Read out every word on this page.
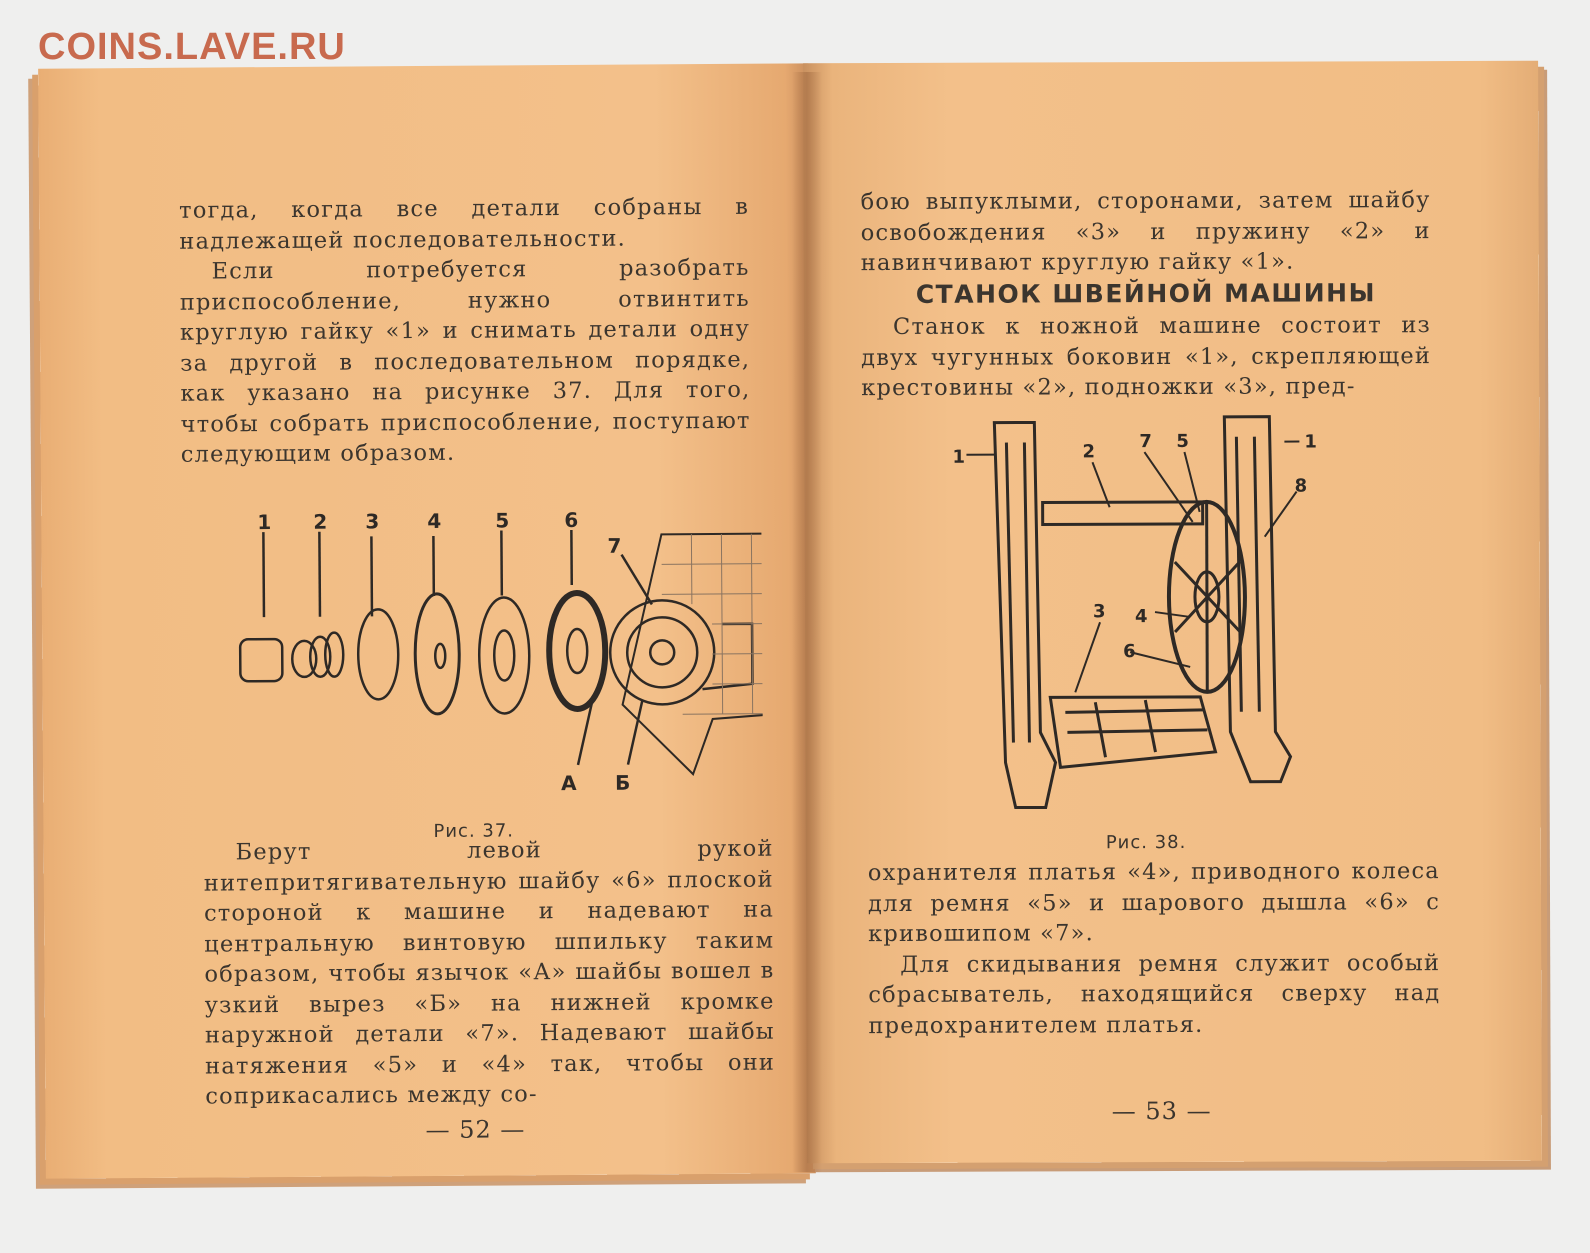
COINS.LAVE.RU

тогда, когда все детали собраны в надлежащей последовательности.

Если потребуется разобрать приспособление, нужно отвинтить круглую гайку «1» и снимать детали одну за другой в последовательном порядке, как указано на рисунке 37. Для того, чтобы собрать приспособление, поступают следующим образом.

1 2 3 4	5	6
7
А Б
Рис. 37.

Берут левой рукой нитепритягивательную шайбу «6» плоской стороной к машине и надевают на центральную винтовую шпильку таким образом, чтобы язычок «А» шайбы вошел в узкий вырез «Б» на нижней кромке наружной детали «7». Надевают шайбы натяжения «5» и «4» так, чтобы они соприкасались между со-

— 52 —

бою выпуклыми, сторонами, затем шайбу освобождения «3» и пружину «2» и навинчивают круглую гайку «1».

СТАНОК ШВЕЙНОЙ МАШИНЫ

Станок к ножной машине состоит из двух чугунных боковин «1», скрепляющей крестовины «2», подножки «3», пред-

1	2 7 5	1
8
4
3
6
Рис. 38.

охранителя платья «4», приводного колеса для ремня «5» и шарового дышла «6» с кривошипом «7».

Для скидывания ремня служит особый сбрасыватель, находящийся сверху над предохранителем платья.

— 53 —
